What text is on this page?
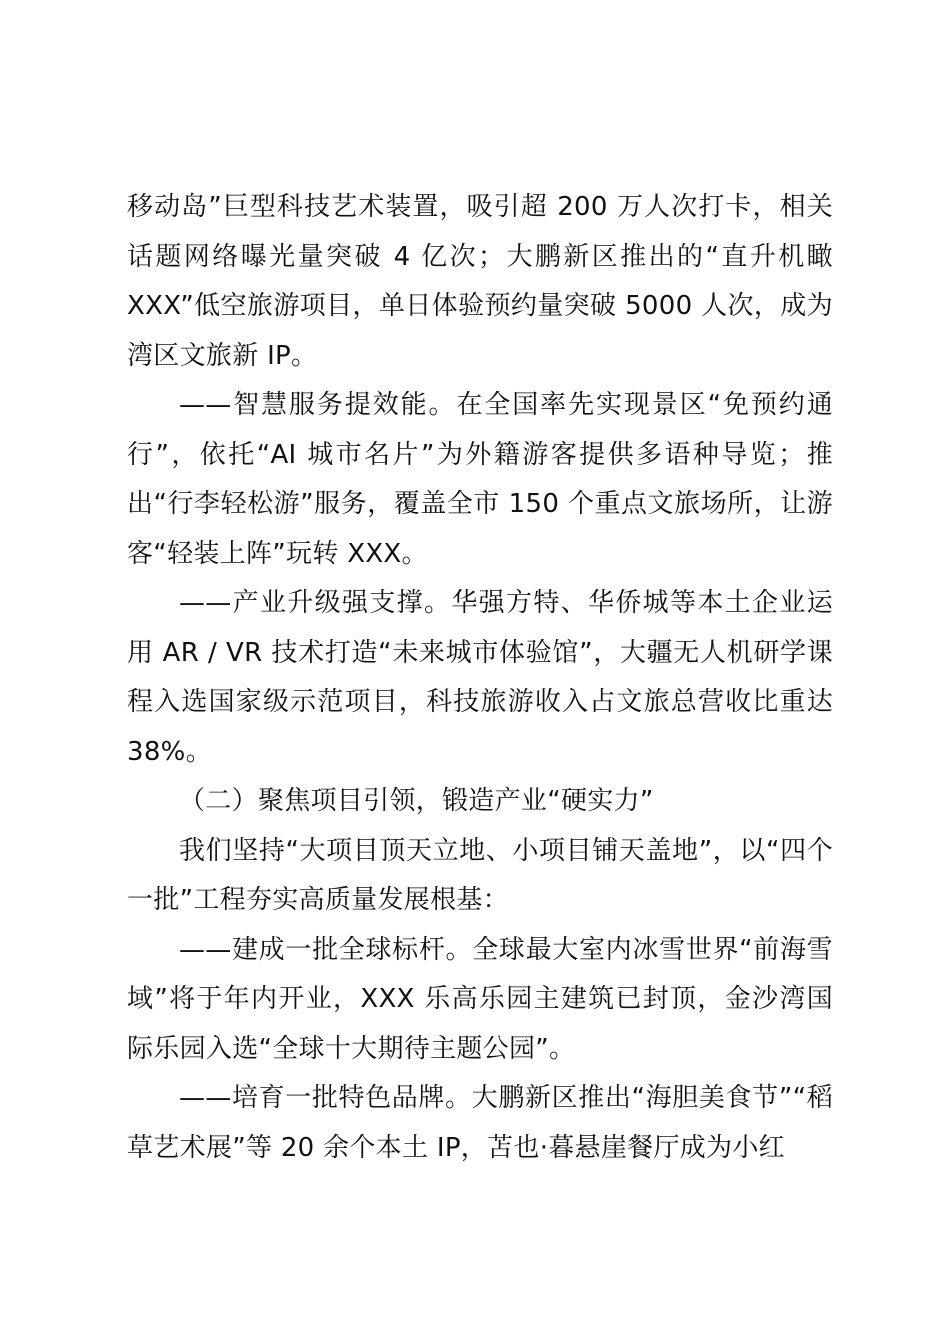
移动岛”巨型科技艺术装置，吸引超 200 万人次打卡，相关话题网络曝光量突破 4 亿次；大鹏新区推出的“直升机瞰 XXX”低空旅游项目，单日体验预约量突破 5000 人次，成为湾区文旅新 IP。

——智慧服务提效能。在全国率先实现景区“免预约通行”，依托“AI 城市名片”为外籍游客提供多语种导览；推出“行李轻松游”服务，覆盖全市 150 个重点文旅场所，让游客“轻装上阵”玩转 XXX。

——产业升级强支撑。华强方特、华侨城等本土企业运用 AR / VR 技术打造“未来城市体验馆”，大疆无人机研学课程入选国家级示范项目，科技旅游收入占文旅总营收比重达 38%。

（二）聚焦项目引领，锻造产业“硬实力”

我们坚持“大项目顶天立地、小项目铺天盖地”，以“四个一批”工程夯实高质量发展根基：

——建成一批全球标杆。全球最大室内冰雪世界“前海雪域”将于年内开业，XXX 乐高乐园主建筑已封顶，金沙湾国际乐园入选“全球十大期待主题公园”。

——培育一批特色品牌。大鹏新区推出“海胆美食节”“稻草艺术展”等 20 余个本土 IP，苫也·暮悬崖餐厅成为小红
